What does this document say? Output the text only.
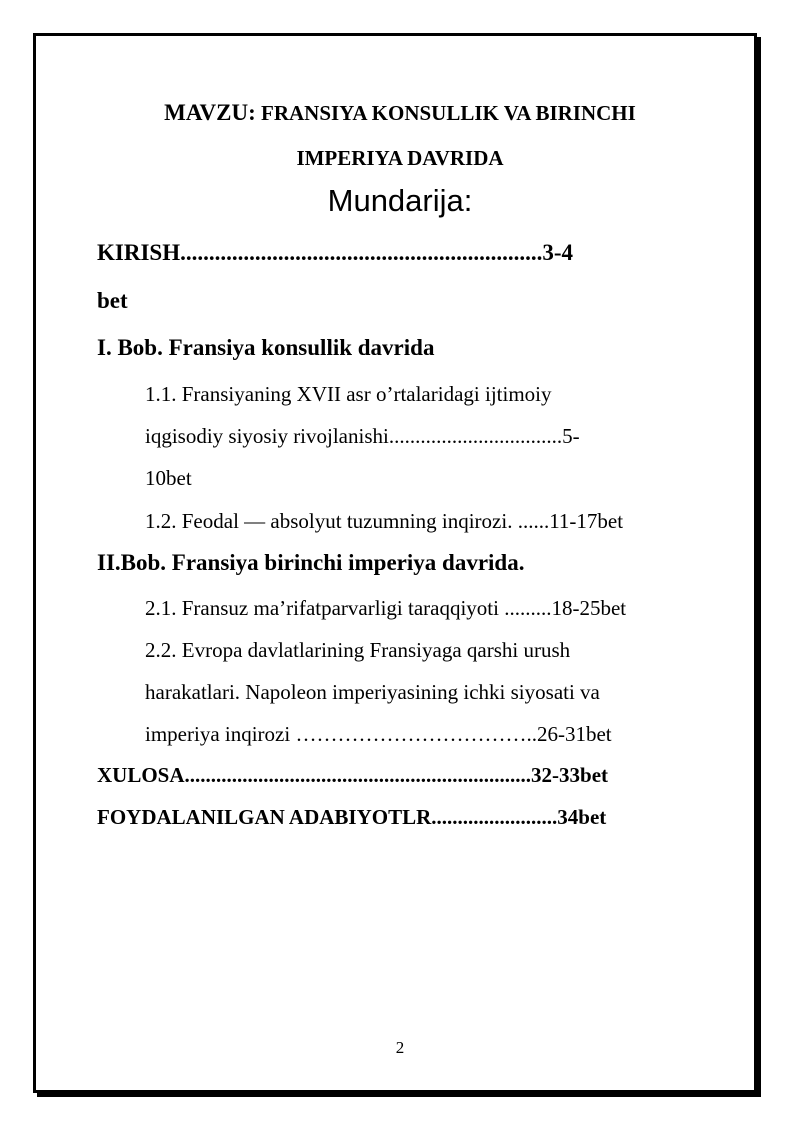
MAVZU: FRANSIYA KONSULLIK VA BIRINCHI
IMPERIYA DAVRIDA
Mundarija:
KIRISH...............................................................3-4
bet
I. Bob. Fransiya konsullik davrida
1.1. Fransiyaning XVII asr o’rtalaridagi ijtimoiy
iqgisodiy siyosiy rivojlanishi.................................5-
10bet
1.2. Feodal — absolyut tuzumning inqirozi. ......11-17bet
II.Bob. Fransiya birinchi imperiya davrida.
2.1. Fransuz ma’rifatparvarligi taraqqiyoti .........18-25bet
2.2. Evropa davlatlarining Fransiyaga qarshi urush
harakatlari. Napoleon imperiyasining ichki siyosati va
imperiya inqirozi ……………………………..26-31bet
XULOSA..................................................................32-33bet
FOYDALANILGAN ADABIYOTLR........................34bet
2
